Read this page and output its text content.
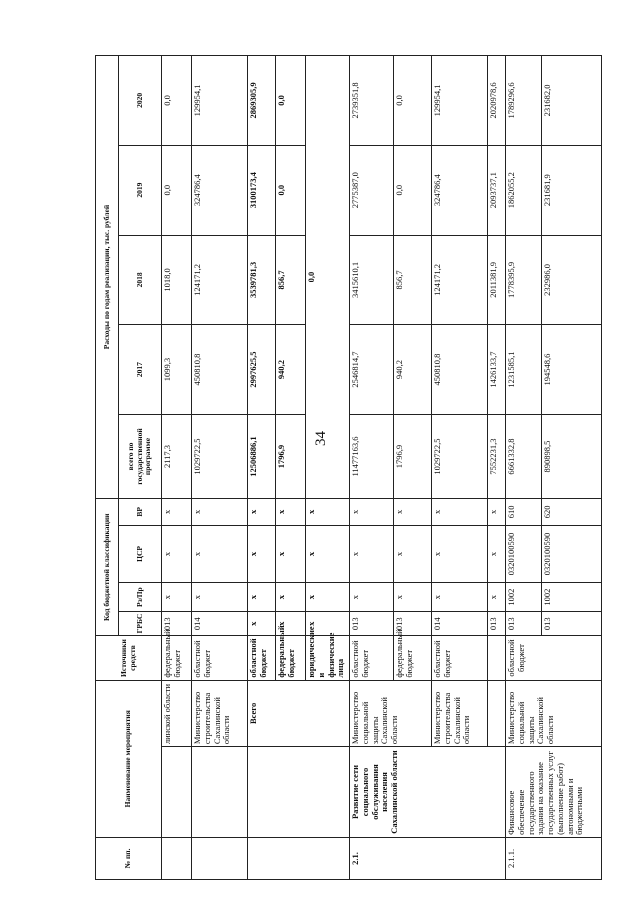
34
№ пп.	Наименование мероприятия		Источники средств	Код бюджетной классификации				Расходы по годам реализации, тыс. рублей				
				ГРБС	Рз/Пр	ЦСР	ВР	всего по государственной программе	2017	2018	2019	2020
		линской области	федеральный бюджет	013	х	х	х	2117,3	1099,3	1018,0	0,0	0,0
		Министерство строительства Сахалинской области	областной бюджет	014	х	х	х	1029722,5	450810,8	124171,2	324786,4	129954,1
		Всего	областной бюджет	х	х	х	х	12506886,1	2997625,5	3539781,3	3100173,4	2869305,9
			федеральный бюджет	х	х	х	х	1796,9	940,2	856,7	0,0	0,0
			юридические и физические лица	х	х	х	х	0,0				
2.1.	Развитие сети социального обслуживания населения Сахалинской области	Министерство социальной защиты Сахалинской области	областной бюджет	013	х	х	х	11477163,6	2546814,7	3415610,1	2775387,0	2739351,8
			федеральный бюджет	013	х	х	х	1796,9	940,2	856,7	0,0	0,0
		Министерство строительства Сахалинской области	областной бюджет	014	х	х	х	1029722,5	450810,8	124171,2	324786,4	129954,1
				013	х	х	х	7552231,3	1426133,7	2011381,9	2093737,1	2020978,6
2.1.1.	Финансовое обеспечение государственного задания на оказание государственных услуг (выполнение работ) автономными и бюджетными	Министерство социальной защиты Сахалинской области	областной бюджет	013	1002	0320100590	610	6661332,8	1231585,1	1778395,9	1862055,2	1789296,6
				013	1002	0320100590	620	890898,5	194548,6	232986,0	231681,9	231682,0
